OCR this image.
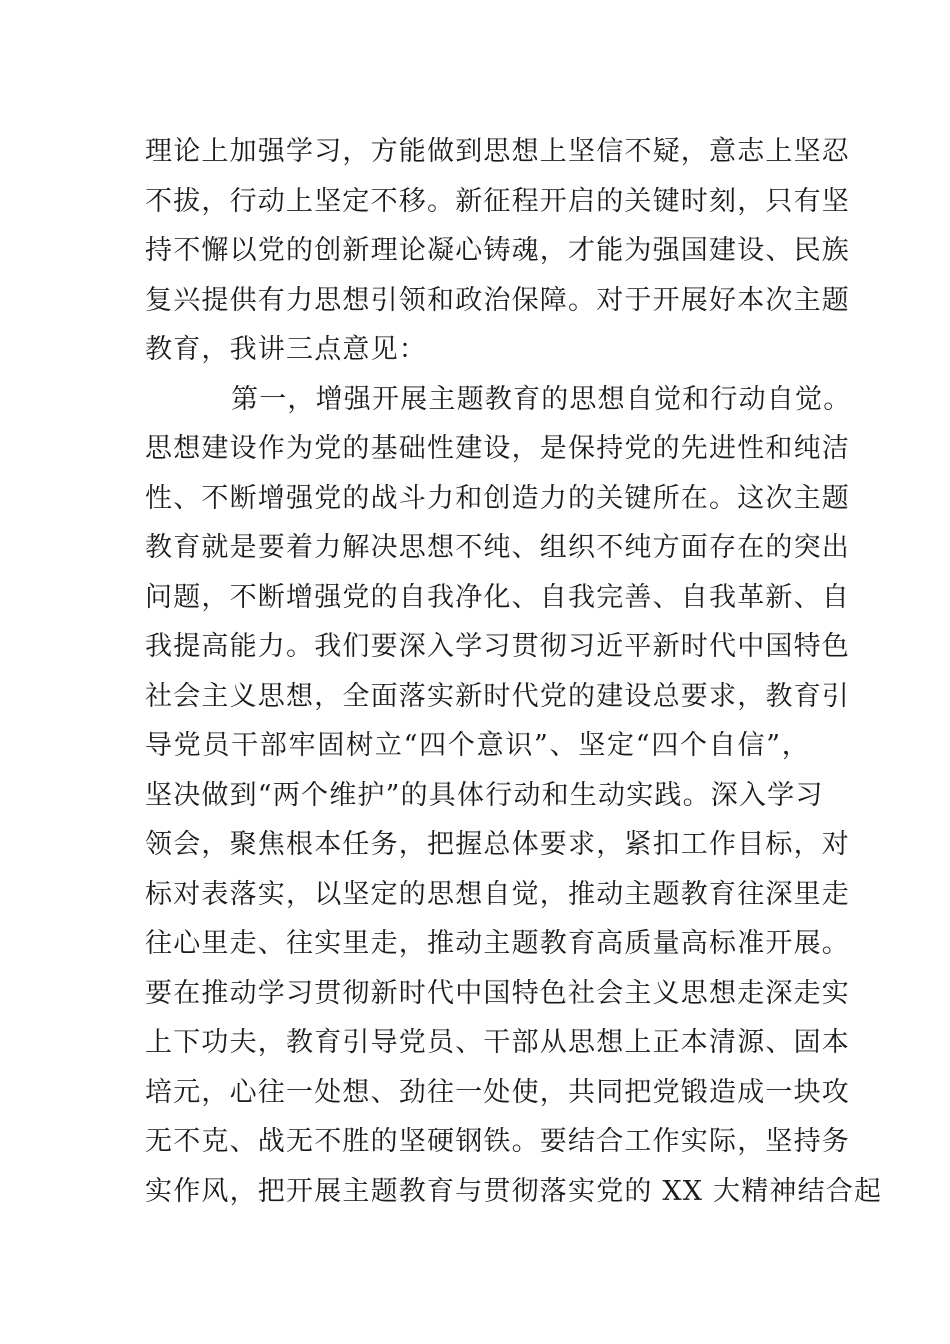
理论上加强学习，方能做到思想上坚信不疑，意志上坚忍
不拔，行动上坚定不移。新征程开启的关键时刻，只有坚
持不懈以党的创新理论凝心铸魂，才能为强国建设、民族
复兴提供有力思想引领和政治保障。对于开展好本次主题
教育，我讲三点意见：
第一，增强开展主题教育的思想自觉和行动自觉。
思想建设作为党的基础性建设，是保持党的先进性和纯洁
性、不断增强党的战斗力和创造力的关键所在。这次主题
教育就是要着力解决思想不纯、组织不纯方面存在的突出
问题，不断增强党的自我净化、自我完善、自我革新、自
我提高能力。我们要深入学习贯彻习近平新时代中国特色
社会主义思想，全面落实新时代党的建设总要求，教育引
导党员干部牢固树立“四个意识”、坚定“四个自信”，
坚决做到“两个维护”的具体行动和生动实践。深入学习
领会，聚焦根本任务，把握总体要求，紧扣工作目标，对
标对表落实，以坚定的思想自觉，推动主题教育往深里走
往心里走、往实里走，推动主题教育高质量高标准开展。
要在推动学习贯彻新时代中国特色社会主义思想走深走实
上下功夫，教育引导党员、干部从思想上正本清源、固本
培元，心往一处想、劲往一处使，共同把党锻造成一块攻
无不克、战无不胜的坚硬钢铁。要结合工作实际，坚持务
实作风，把开展主题教育与贯彻落实党的 XX 大精神结合起
